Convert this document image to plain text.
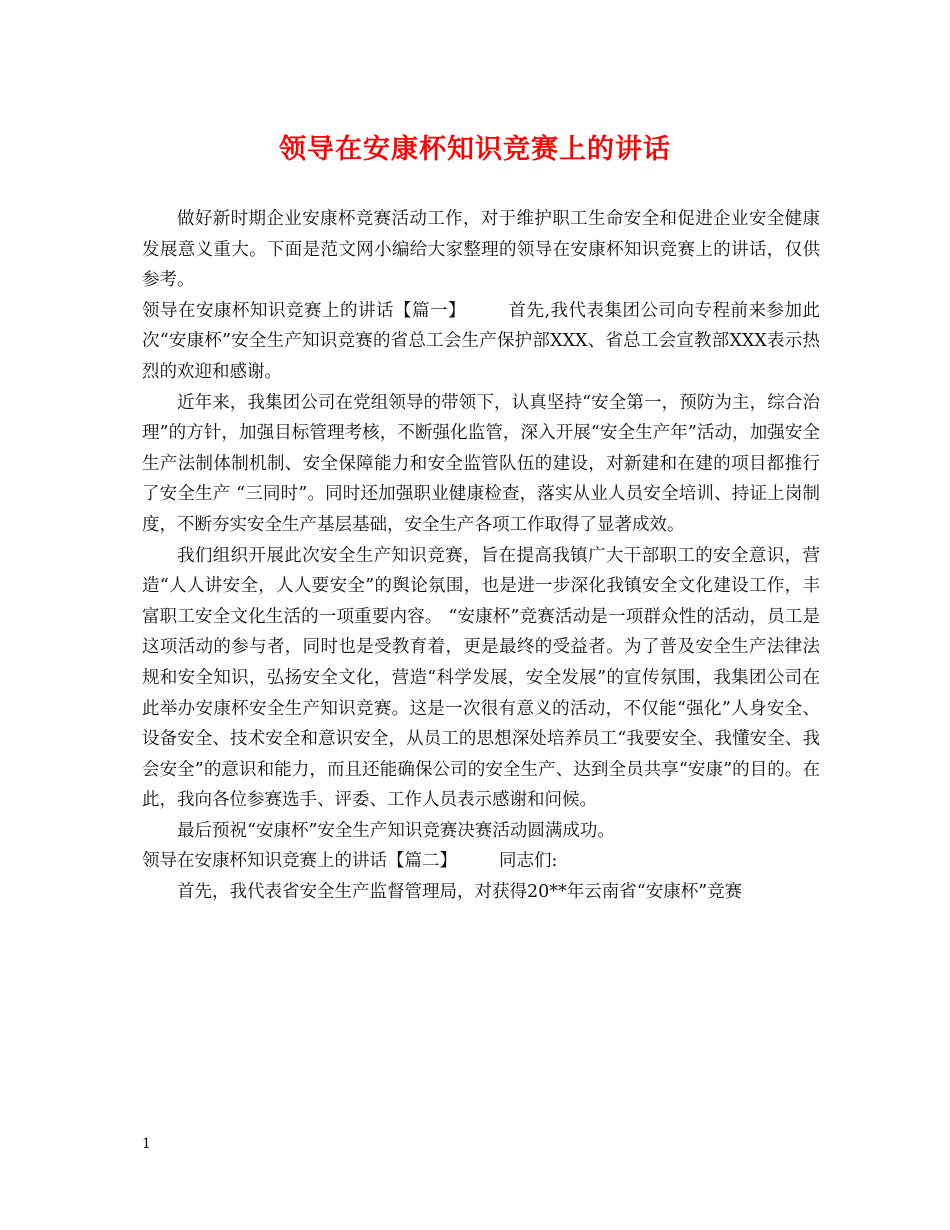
领导在安康杯知识竞赛上的讲话

做好新时期企业安康杯竞赛活动工作，对于维护职工生命安全和促进企业安全健康发展意义重大。下面是范文网小编给大家整理的领导在安康杯知识竞赛上的讲话，仅供参考。

领导在安康杯知识竞赛上的讲话【篇一】 首先,我代表集团公司向专程前来参加此次“安康杯”安全生产知识竞赛的省总工会生产保护部XXX、省总工会宣教部XXX表示热烈的欢迎和感谢。

近年来，我集团公司在党组领导的带领下，认真坚持“安全第一，预防为主，综合治理”的方针，加强目标管理考核，不断强化监管，深入开展“安全生产年”活动，加强安全生产法制体制机制、安全保障能力和安全监管队伍的建设，对新建和在建的项目都推行了安全生产 “三同时”。同时还加强职业健康检查，落实从业人员安全培训、持证上岗制度，不断夯实安全生产基层基础，安全生产各项工作取得了显著成效。

我们组织开展此次安全生产知识竞赛，旨在提高我镇广大干部职工的安全意识，营造“人人讲安全，人人要安全”的舆论氛围，也是进一步深化我镇安全文化建设工作，丰富职工安全文化生活的一项重要内容。 “安康杯”竞赛活动是一项群众性的活动，员工是这项活动的参与者，同时也是受教育着，更是最终的受益者。为了普及安全生产法律法规和安全知识，弘扬安全文化，营造“科学发展，安全发展”的宣传氛围，我集团公司在此举办安康杯安全生产知识竞赛。这是一次很有意义的活动，不仅能“强化”人身安全、设备安全、技术安全和意识安全，从员工的思想深处培养员工“我要安全、我懂安全、我会安全”的意识和能力，而且还能确保公司的安全生产、达到全员共享“安康”的目的。在此，我向各位参赛选手、评委、工作人员表示感谢和问候。

最后预祝“安康杯”安全生产知识竞赛决赛活动圆满成功。

领导在安康杯知识竞赛上的讲话【篇二】 同志们:

首先，我代表省安全生产监督管理局，对获得20**年云南省“安康杯”竞赛

1
